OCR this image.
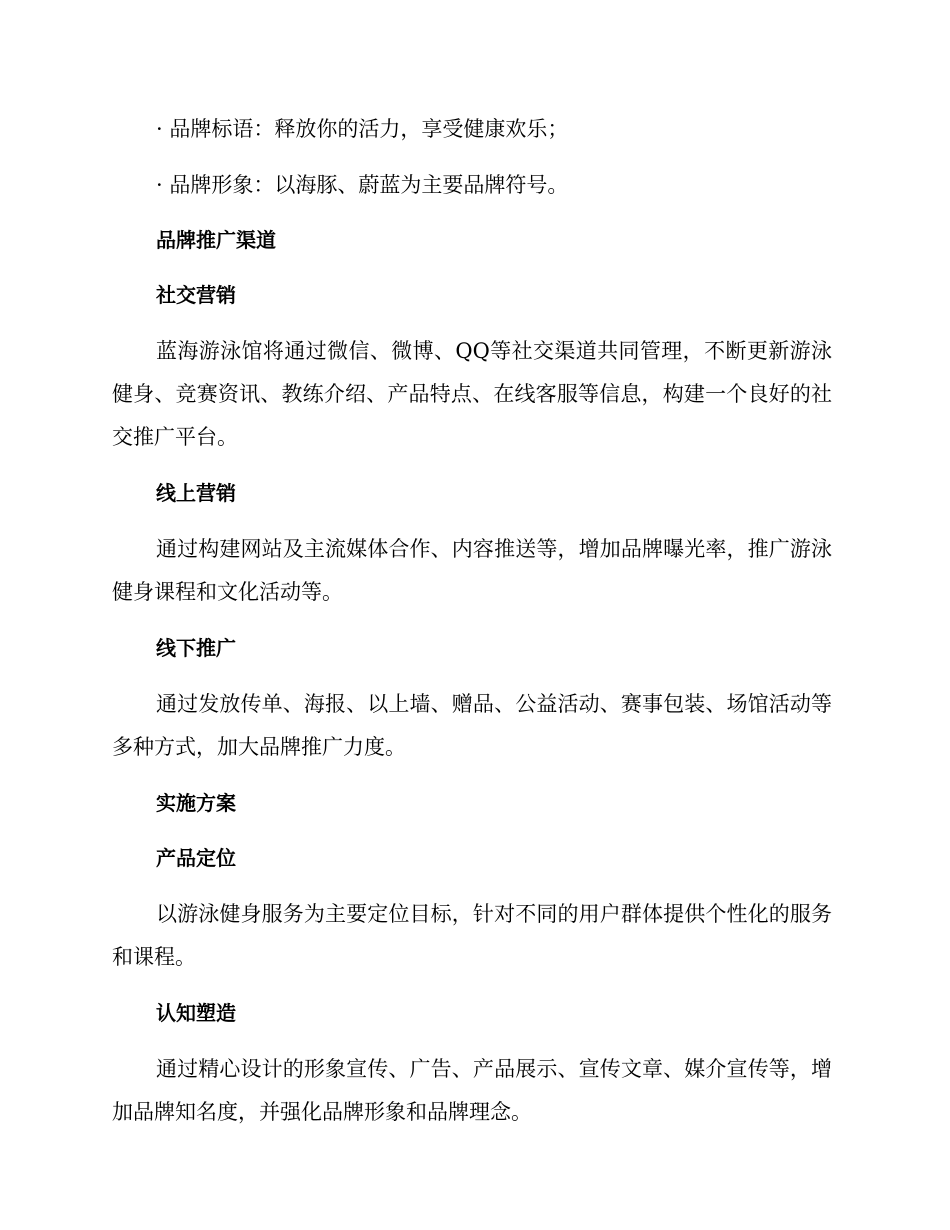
· 品牌标语：释放你的活力，享受健康欢乐；
· 品牌形象：以海豚、蔚蓝为主要品牌符号。
品牌推广渠道
社交营销

蓝海游泳馆将通过微信、微博、QQ等社交渠道共同管理，不断更新游泳健身、竞赛资讯、教练介绍、产品特点、在线客服等信息，构建一个良好的社交推广平台。

线上营销

通过构建网站及主流媒体合作、内容推送等，增加品牌曝光率，推广游泳健身课程和文化活动等。

线下推广

通过发放传单、海报、以上墙、赠品、公益活动、赛事包装、场馆活动等多种方式，加大品牌推广力度。

实施方案
产品定位

以游泳健身服务为主要定位目标，针对不同的用户群体提供个性化的服务和课程。

认知塑造

通过精心设计的形象宣传、广告、产品展示、宣传文章、媒介宣传等，增加品牌知名度，并强化品牌形象和品牌理念。
